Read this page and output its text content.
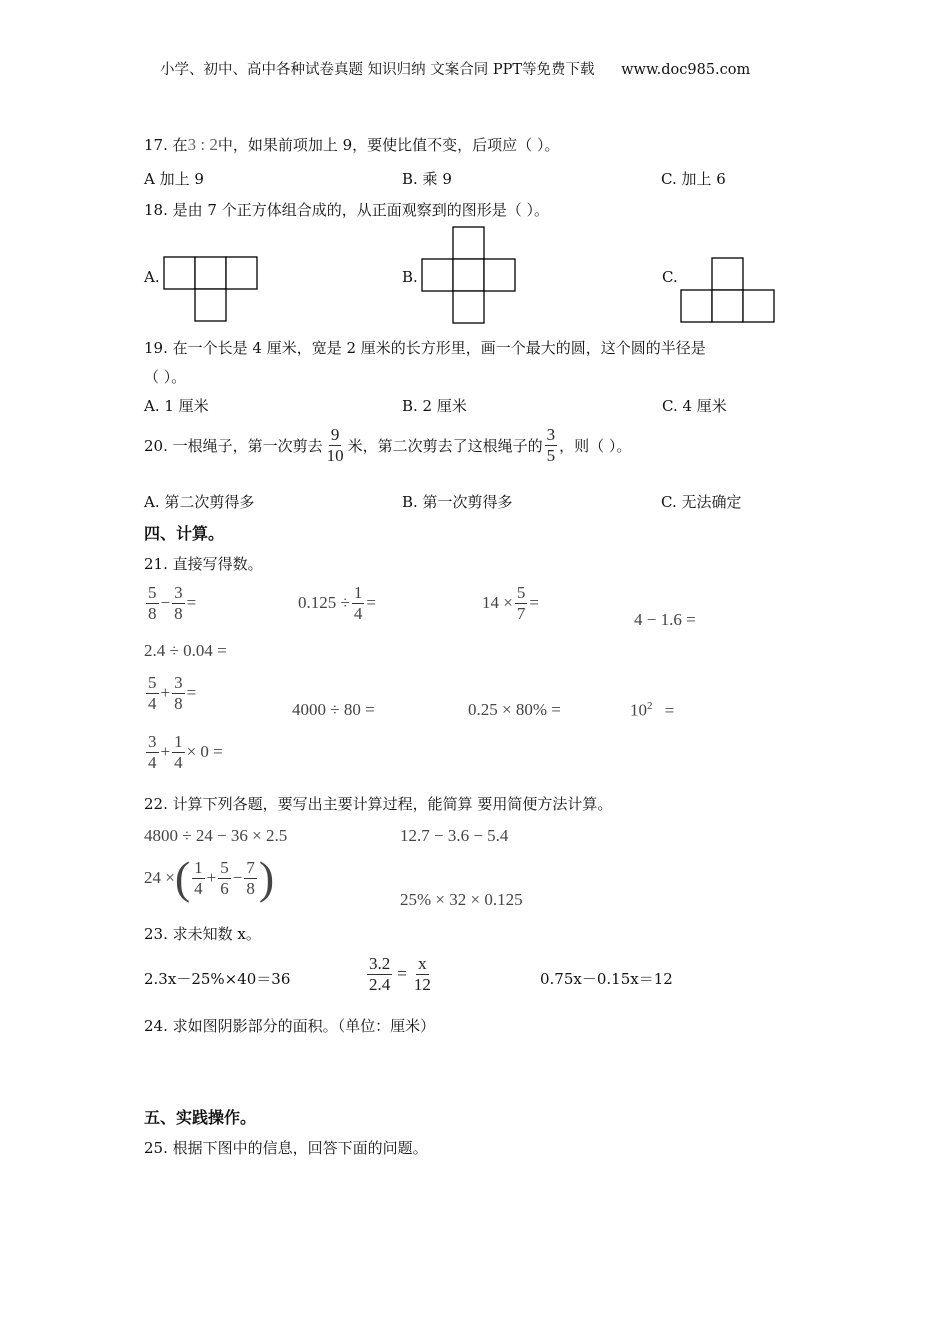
小学、初中、高中各种试卷真题 知识归纳 文案合同 PPT等免费下载 www.doc985.com
17. 在3 : 2中，如果前项加上 9，要使比值不变，后项应（ ）。
A 加上 9	B. 乘 9	C. 加上 6
18. 是由 7 个正方体组合成的，从正面观察到的图形是（ ）。
A.	B.	C.
19. 在一个长是 4 厘米，宽是 2 厘米的长方形里，画一个最大的圆，这个圆的半径是
（ ）。
A. 1 厘米	B. 2 厘米	C. 4 厘米
20. 一根绳子，第一次剪去 $\frac{9}{10}$ 米，第二次剪去了这根绳子的 $\frac{3}{5}$ ，则（ ）。
A. 第二次剪得多	B. 第一次剪得多	C. 无法确定
四、计算。
21. 直接写得数。
$\frac{5}{8} - \frac{3}{8}$ =	$0.125 \div \frac{1}{4}$ =	$14 \times \frac{5}{7}$ =
4 − 1.6 =
2.4 ÷ 0.04 =
$\frac{5}{4} + \frac{3}{8}$ =
4000 ÷ 80 =	0.25 × 80% =	$10^2$ =
$\frac{3}{4} + \frac{1}{4} \times 0$ =
22. 计算下列各题，要写出主要计算过程，能简算 要用简便方法计算。
4800 ÷ 24 − 36 × 2.5	12.7 − 3.6 − 5.4
24 × ( $\frac{1}{4} + \frac{5}{6} - \frac{7}{8}$ )	25% × 32 × 0.125
23. 求未知数 x。
2.3x－25%×40＝36	$\frac{3.2}{2.4} = \frac{x}{12}$	0.75x－0.15x＝12
24. 求如图阴影部分的面积。（单位：厘米）
五、实践操作。
25. 根据下图中的信息，回答下面的问题。
